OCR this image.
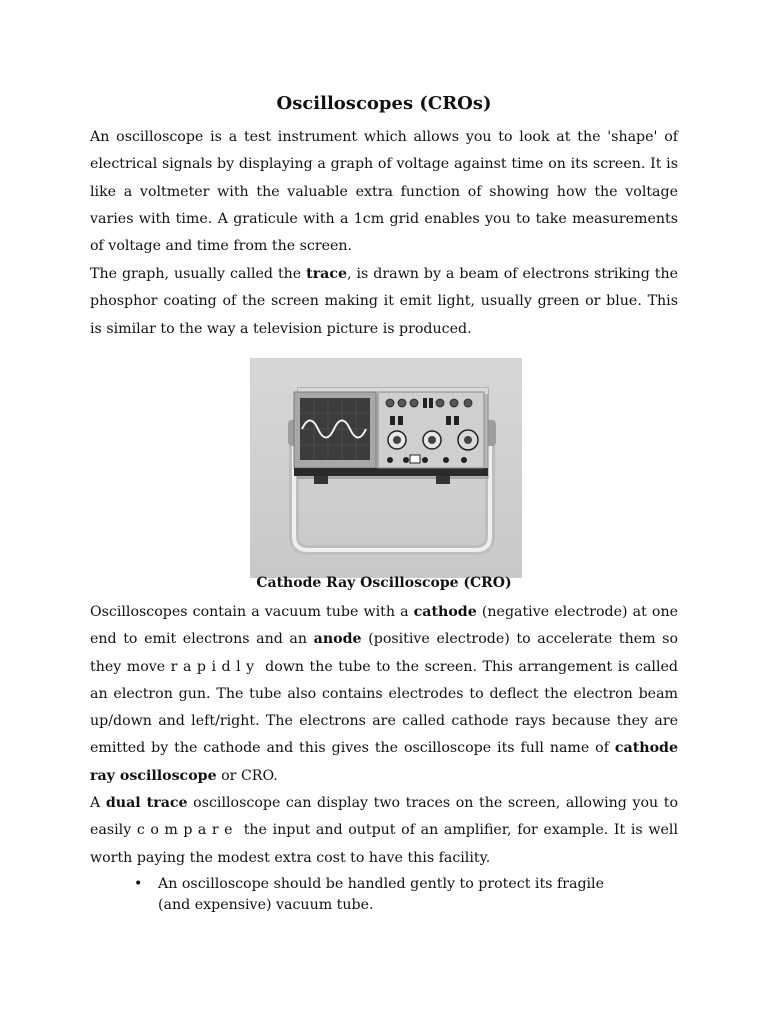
Oscilloscopes (CROs)

An oscilloscope is a test instrument which allows you to look at the 'shape' of electrical signals by displaying a graph of voltage against time on its screen. It is like a voltmeter with the valuable extra function of showing how the voltage varies with time. A graticule with a 1cm grid enables you to take measurements of voltage and time from the screen.

The graph, usually called the trace, is drawn by a beam of electrons striking the phosphor coating of the screen making it emit light, usually green or blue. This is similar to the way a television picture is produced.

Cathode Ray Oscilloscope (CRO)

Oscilloscopes contain a vacuum tube with a cathode (negative electrode) at one end to emit electrons and an anode (positive electrode) to accelerate them so they move rapidly down the tube to the screen. This arrangement is called an electron gun. The tube also contains electrodes to deflect the electron beam up/down and left/right. The electrons are called cathode rays because they are emitted by the cathode and this gives the oscilloscope its full name of cathode ray oscilloscope or CRO.

A dual trace oscilloscope can display two traces on the screen, allowing you to easily compare the input and output of an amplifier, for example. It is well worth paying the modest extra cost to have this facility.

• An oscilloscope should be handled gently to protect its fragile (and expensive) vacuum tube.
